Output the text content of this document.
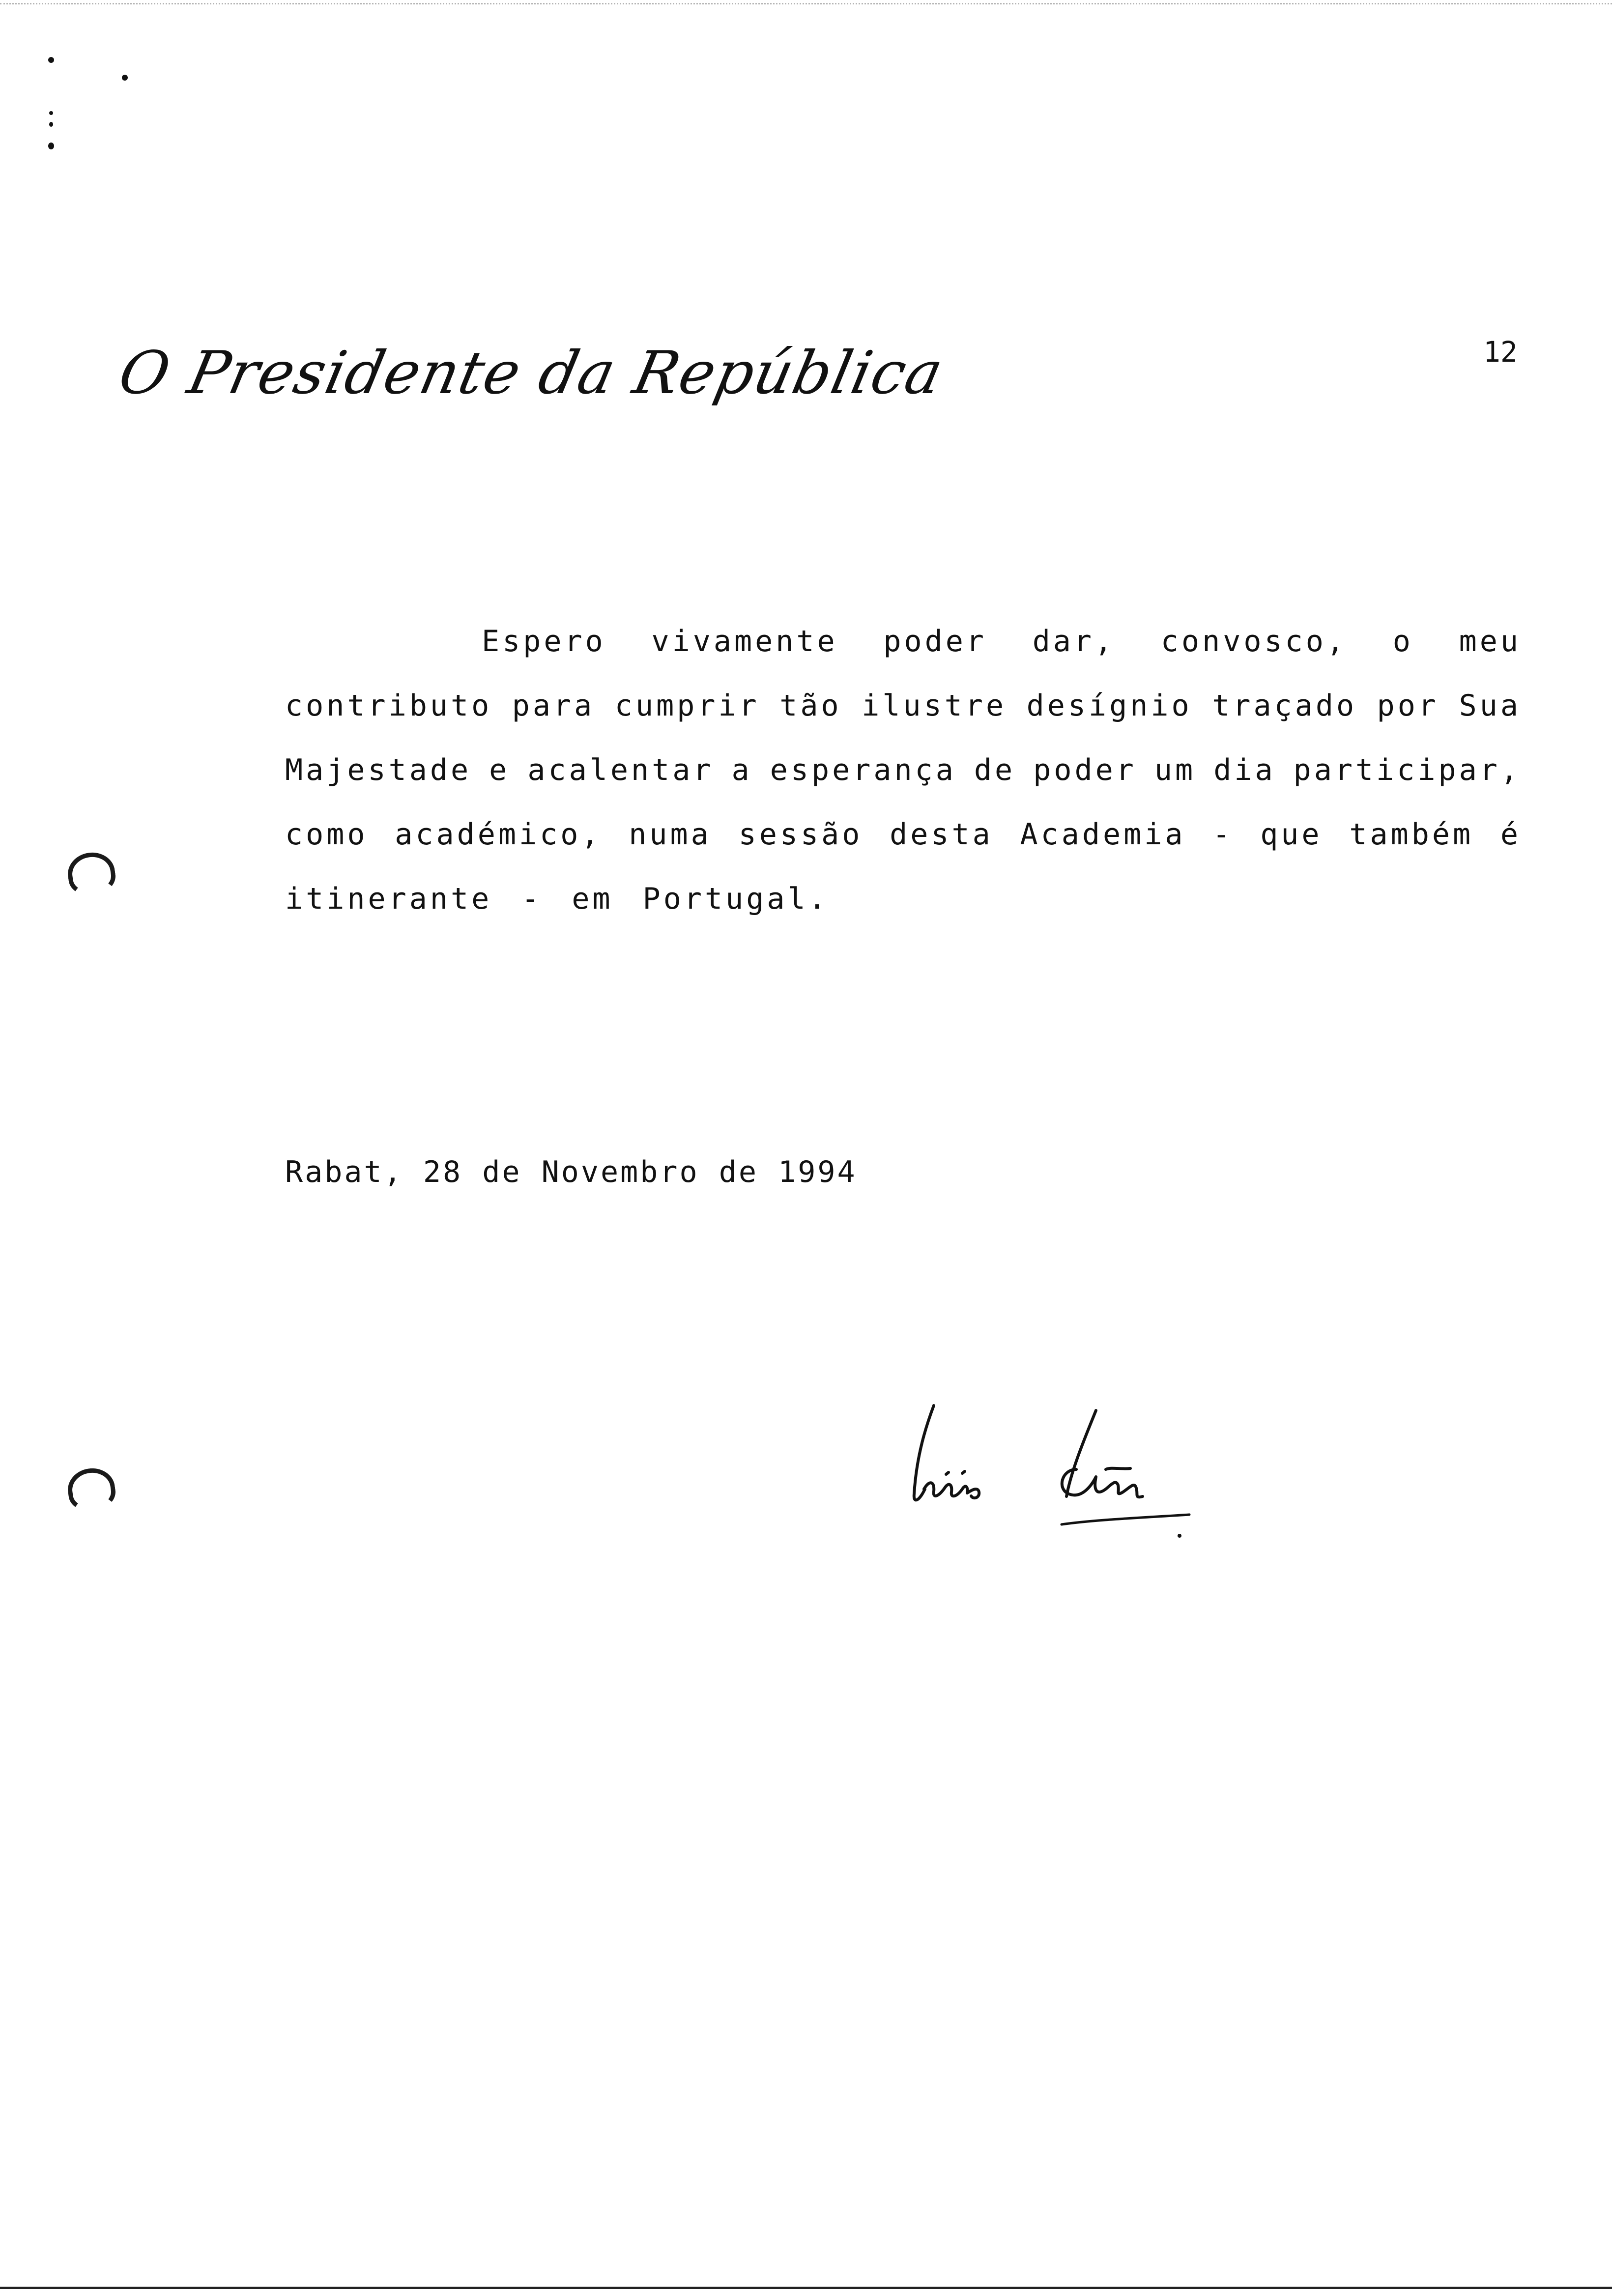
O Presidente da República	12
Espero vivamente poder dar, convosco, o meu
contributo para cumprir tão ilustre desígnio traçado por Sua
Majestade e acalentar a esperança de poder um dia participar,
como académico, numa sessão desta Academia - que também é
itinerante - em Portugal.
Rabat, 28 de Novembro de 1994
